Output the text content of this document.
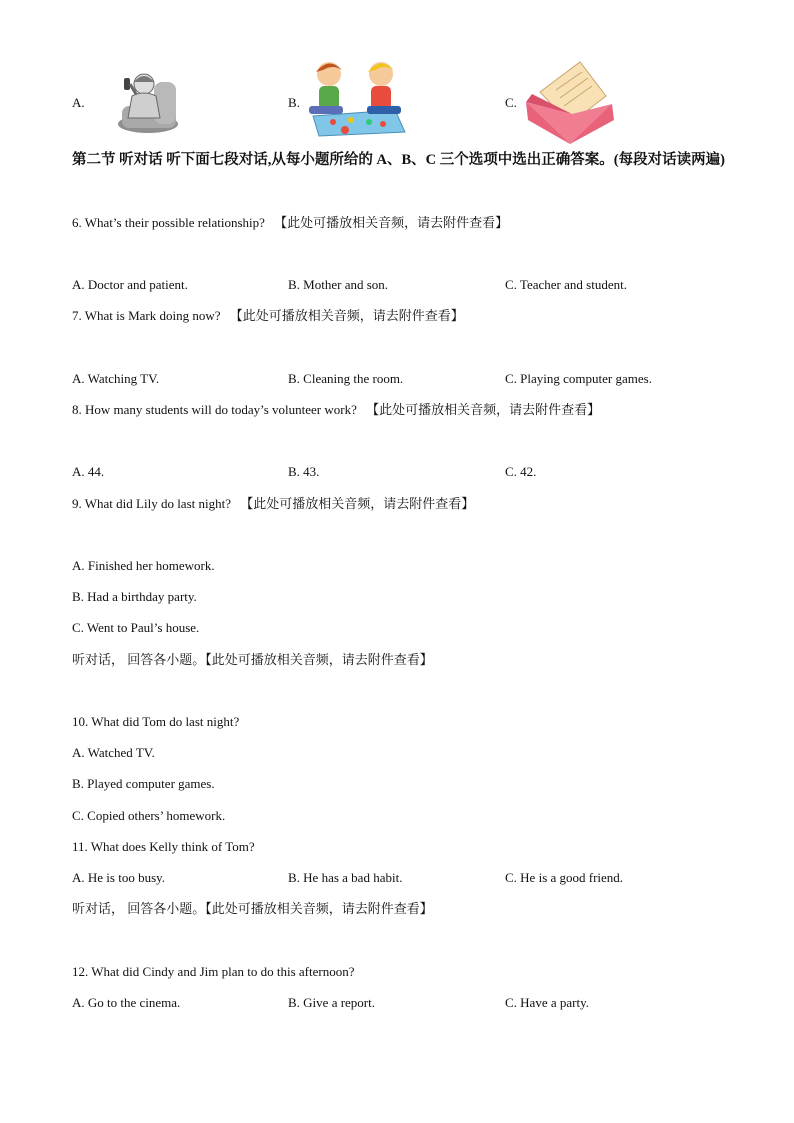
A.	B.	C.
第二节 听对话 听下面七段对话,从每小题所给的 A、B、C 三个选项中选出正确答案。(每段对话读两遍)
6. What’s their possible relationship? 【此处可播放相关音频，请去附件查看】
A. Doctor and patient.	B. Mother and son.	C. Teacher and student.
7. What is Mark doing now? 【此处可播放相关音频，请去附件查看】
A. Watching TV.	B. Cleaning the room.	C. Playing computer games.
8. How many students will do today’s volunteer work? 【此处可播放相关音频，请去附件查看】
A. 44.	B. 43.	C. 42.
9. What did Lily do last night? 【此处可播放相关音频，请去附件查看】
A. Finished her homework.
B. Had a birthday party.
C. Went to Paul’s house.
听对话， 回答各小题。【此处可播放相关音频，请去附件查看】
10. What did Tom do last night?
A. Watched TV.
B. Played computer games.
C. Copied others’ homework.
11. What does Kelly think of Tom?
A. He is too busy.	B. He has a bad habit.	C. He is a good friend.
听对话， 回答各小题。【此处可播放相关音频，请去附件查看】
12. What did Cindy and Jim plan to do this afternoon?
A. Go to the cinema.	B. Give a report.	C. Have a party.
